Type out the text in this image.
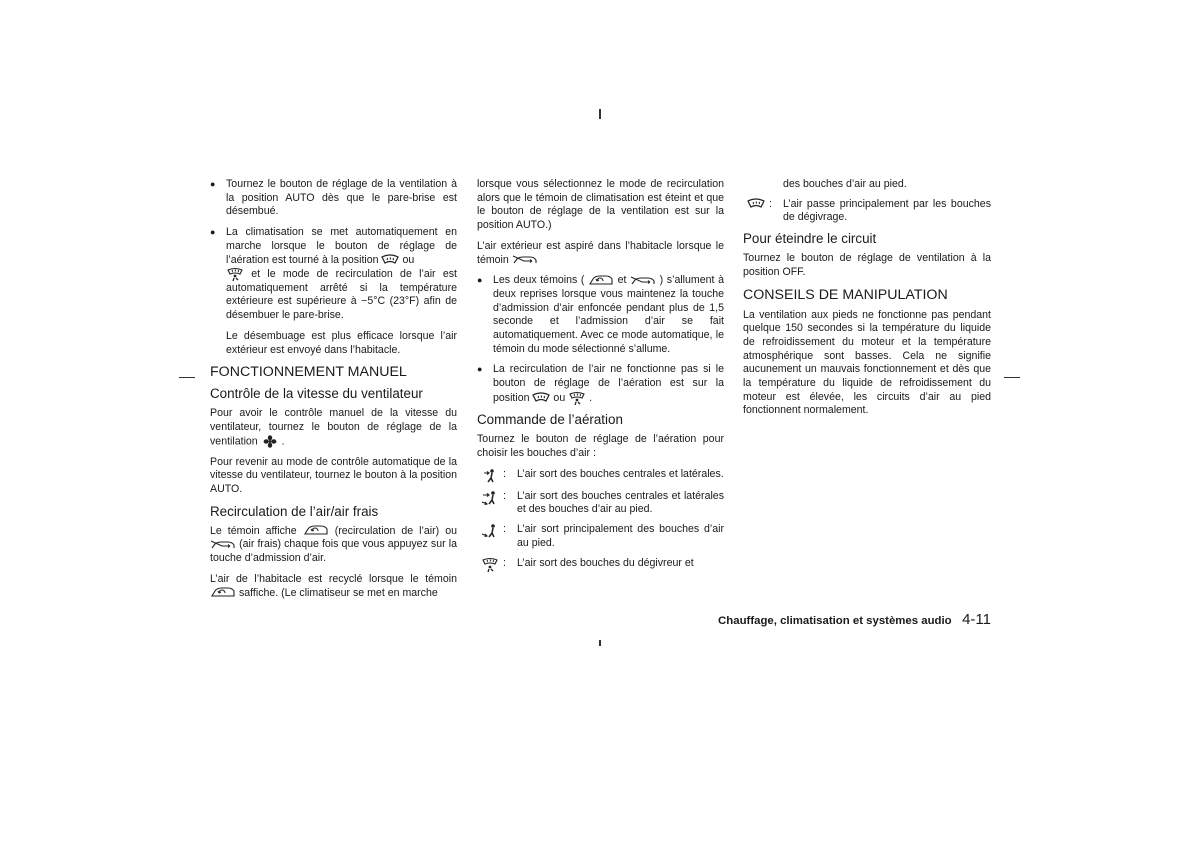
● Tournez le bouton de réglage de la ventilation à la position AUTO dès que le pare-brise est désembué.
● La climatisation se met automatiquement en marche lorsque le bouton de réglage de l’aération est tourné à la position ou
et le mode de recirculation de l’air est automatiquement arrêté si la température extérieure est supérieure à −5°C (23°F) afin de désembuer le pare-brise.

Le désembuage est plus efficace lorsque l’air extérieur est envoyé dans l’habitacle.

FONCTIONNEMENT MANUEL
Contrôle de la vitesse du ventilateur

Pour avoir le contrôle manuel de la vitesse du ventilateur, tournez le bouton de réglage de la ventilation .

Pour revenir au mode de contrôle automatique de la vitesse du ventilateur, tournez le bouton à la position AUTO.

Recirculation de l’air/air frais

Le témoin affiche	(recirculation de l’air) ou  (air frais) chaque fois que vous appuyez sur la touche d’admission d’air.

L’air de l’habitacle est recyclé lorsque le témoin  saffiche. (Le climatiseur se met en marche

lorsque vous sélectionnez le mode de recirculation alors que le témoin de climatisation est éteint et que le bouton de réglage de la ventilation est sur la position AUTO.)

L’air extérieur est aspiré dans l’habitacle lorsque le témoin

● Les deux témoins (	et	) s’allument à deux reprises lorsque vous maintenez la touche d’admission d’air enfoncée pendant plus de 1,5 seconde et l’admission d’air se fait automatiquement. Avec ce mode automatique, le témoin du mode sélectionné s’allume.
● La recirculation de l’air ne fonctionne pas si le bouton de réglage de l’aération est sur la position ou .
Commande de l’aération

Tournez le bouton de réglage de l’aération pour choisir les bouches d’air :

:	L’air sort des bouches centrales et latérales.
:	L’air sort des bouches centrales et latérales et des bouches d’air au pied.
:	L’air sort principalement des bouches d’air au pied.
:	L’air sort des bouches du dégivreur et
des bouches d’air au pied.
:	L’air passe principalement par les bouches de dégivrage.
Pour éteindre le circuit

Tournez le bouton de réglage de ventilation à la position OFF.

CONSEILS DE MANIPULATION

La ventilation aux pieds ne fonctionne pas pendant quelque 150 secondes si la température du liquide de refroidissement du moteur et la température atmosphérique sont basses. Cela ne signifie aucunement un mauvais fonctionnement et dès que la température du liquide de refroidissement du moteur est élevée, les circuits d’air au pied fonctionnent normalement.

Chauffage, climatisation et systèmes audio 4-11
